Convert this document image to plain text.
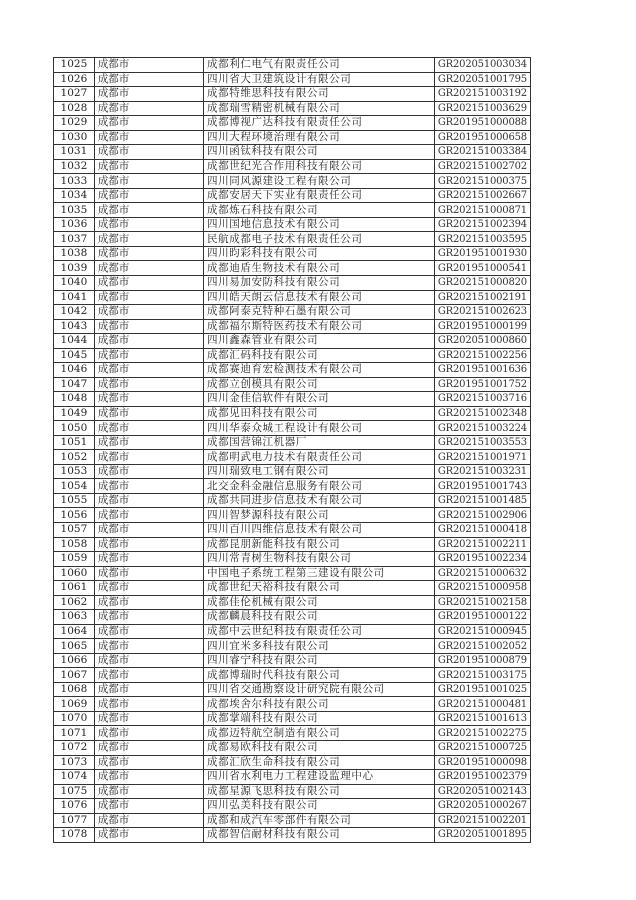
1025	成都市	成都利仁电气有限责任公司	GR202051003034
1026	成都市	四川省大卫建筑设计有限公司	GR202051001795
1027	成都市	成都特维思科技有限公司	GR202151003192
1028	成都市	成都瑞雪精密机械有限公司	GR202151003629
1029	成都市	成都博视广达科技有限责任公司	GR201951000088
1030	成都市	四川大程环境治理有限公司	GR201951000658
1031	成都市	四川函钛科技有限公司	GR202151003384
1032	成都市	成都世纪光合作用科技有限公司	GR202151002702
1033	成都市	四川同风源建设工程有限公司	GR202151000375
1034	成都市	成都安居天下实业有限责任公司	GR202151002667
1035	成都市	成都炼石科技有限公司	GR202151000871
1036	成都市	四川国地信息技术有限公司	GR202151002394
1037	成都市	民航成都电子技术有限责任公司	GR202151003595
1038	成都市	四川昀彩科技有限公司	GR201951001930
1039	成都市	成都迪盾生物技术有限公司	GR201951000541
1040	成都市	四川易加安防科技有限公司	GR202151000820
1041	成都市	四川皓天朗云信息技术有限公司	GR202151002191
1042	成都市	成都阿泰克特种石墨有限公司	GR202151002623
1043	成都市	成都福尔斯特医药技术有限公司	GR201951000199
1044	成都市	四川鑫森管业有限公司	GR202051000860
1045	成都市	成都汇码科技有限公司	GR202151002256
1046	成都市	成都赛迪育宏检测技术有限公司	GR201951001636
1047	成都市	成都立创模具有限公司	GR201951001752
1048	成都市	四川金佳信软件有限公司	GR202151003716
1049	成都市	成都见田科技有限公司	GR202151002348
1050	成都市	四川华泰众城工程设计有限公司	GR202151003224
1051	成都市	成都国营锦江机器厂	GR202151003553
1052	成都市	成都明武电力技术有限责任公司	GR202151001971
1053	成都市	四川瑞致电工钢有限公司	GR202151003231
1054	成都市	北交金科金融信息服务有限公司	GR201951001743
1055	成都市	成都共同进步信息技术有限公司	GR202151001485
1056	成都市	四川智梦源科技有限公司	GR202151002906
1057	成都市	四川百川四维信息技术有限公司	GR202151000418
1058	成都市	成都昆朋新能科技有限公司	GR202151002211
1059	成都市	四川常青树生物科技有限公司	GR201951002234
1060	成都市	中国电子系统工程第三建设有限公司	GR202151000632
1061	成都市	成都世纪天裕科技有限公司	GR202151000958
1062	成都市	成都佳伦机械有限公司	GR202151002158
1063	成都市	成都麟晨科技有限公司	GR201951000122
1064	成都市	成都中云世纪科技有限责任公司	GR202151000945
1065	成都市	四川宜米多科技有限公司	GR202151002052
1066	成都市	四川睿宁科技有限公司	GR201951000879
1067	成都市	成都博瑞时代科技有限公司	GR202151003175
1068	成都市	四川省交通勘察设计研究院有限公司	GR201951001025
1069	成都市	成都埃舍尔科技有限公司	GR202151000481
1070	成都市	成都掌端科技有限公司	GR202151001613
1071	成都市	成都迈特航空制造有限公司	GR202151002275
1072	成都市	成都易欧科技有限公司	GR202151000725
1073	成都市	成都汇欣生命科技有限公司	GR201951000098
1074	成都市	四川省水利电力工程建设监理中心	GR201951002379
1075	成都市	成都星源飞思科技有限公司	GR202051002143
1076	成都市	四川弘美科技有限公司	GR202051000267
1077	成都市	成都和成汽车零部件有限公司	GR202151002201
1078	成都市	成都智信耐材科技有限公司	GR202051001895
